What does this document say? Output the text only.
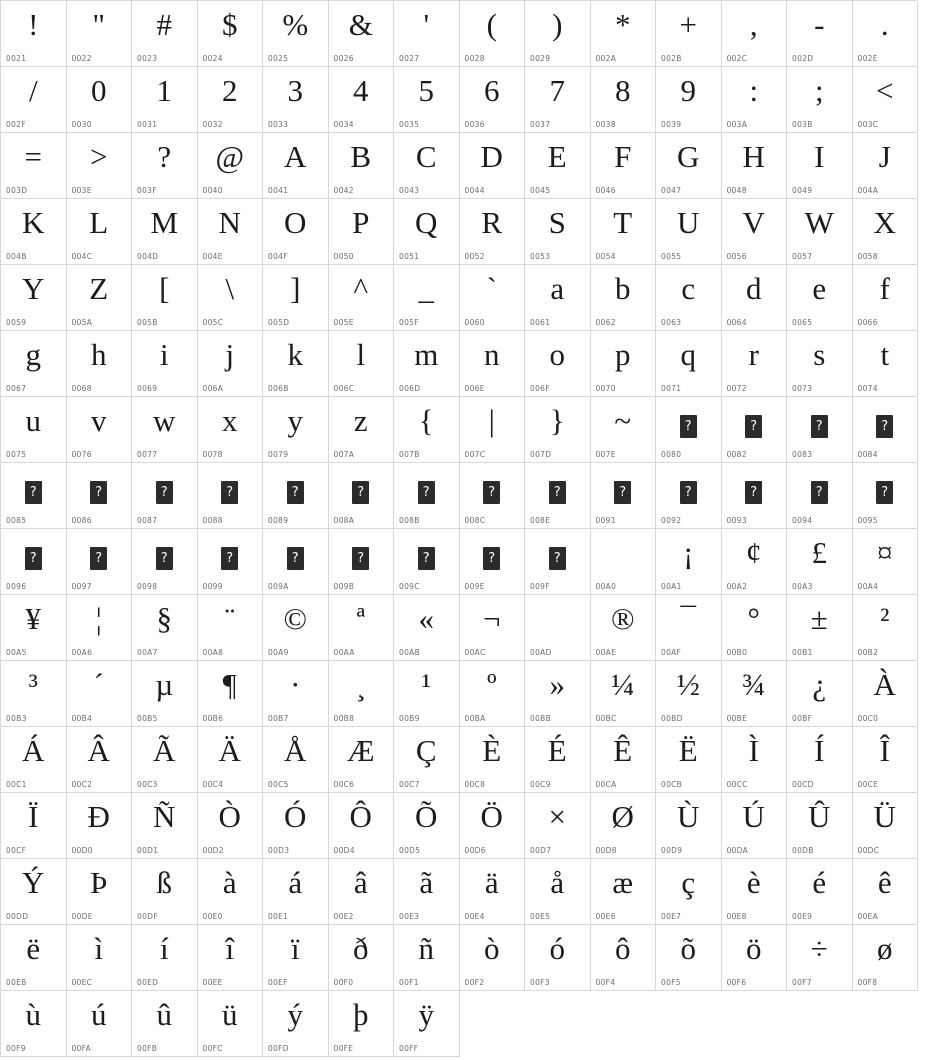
!
0021
"
0022
#
0023
$
0024
%
0025
&
0026
'
0027
(
0028
)
0029
*
002A
+
002B
,
002C
-
002D
.
002E
/
002F
0
0030
1
0031
2
0032
3
0033
4
0034
5
0035
6
0036
7
0037
8
0038
9
0039
:
003A
;
003B
<
003C
=
003D
>
003E
?
003F
@
0040
A
0041
B
0042
C
0043
D
0044
E
0045
F
0046
G
0047
H
0048
I
0049
J
004A
K
004B
L
004C
M
004D
N
004E
O
004F
P
0050
Q
0051
R
0052
S
0053
T
0054
U
0055
V
0056
W
0057
X
0058
Y
0059
Z
005A
[
005B
\
005C
]
005D
^
005E
_
005F
`
0060
a
0061
b
0062
c
0063
d
0064
e
0065
f
0066
g
0067
h
0068
i
0069
j
006A
k
006B
l
006C
m
006D
n
006E
o
006F
p
0070
q
0071
r
0072
s
0073
t
0074
u
0075
v
0076
w
0077
x
0078
y
0079
z
007A
{
007B
|
007C
}
007D
~
007E
?
0080
?
0082
?
0083
?
0084
?
0085
?
0086
?
0087
?
0088
?
0089
?
008A
?
008B
?
008C
?
008E
?
0091
?
0092
?
0093
?
0094
?
0095
?
0096
?
0097
?
0098
?
0099
?
009A
?
009B
?
009C
?
009E
?
009F
	00A0
¡
00A1
¢
00A2
£
00A3
¤
00A4
¥
00A5
¦
00A6
§
00A7
¨
00A8
©
00A9
ª
00AA
«
00AB
¬
00AC	00AD
®
00AE
¯
00AF
°
00B0
±
00B1
²
00B2
³
00B3
´
00B4
µ
00B5
¶
00B6
·
00B7
¸
00B8
¹
00B9
º
00BA
»
00BB
¼
00BC
½
00BD
¾
00BE
¿
00BF
À
00C0
Á
00C1
Â
00C2
Ã
00C3
Ä
00C4
Å
00C5
Æ
00C6
Ç
00C7
È
00C8
É
00C9
Ê
00CA
Ë
00CB
Ì
00CC
Í
00CD
Î
00CE
Ï
00CF
Ð
00D0
Ñ
00D1
Ò
00D2
Ó
00D3
Ô
00D4
Õ
00D5
Ö
00D6
×
00D7
Ø
00D8
Ù
00D9
Ú
00DA
Û
00DB
Ü
00DC
Ý
00DD
Þ
00DE
ß
00DF
à
00E0
á
00E1
â
00E2
ã
00E3
ä
00E4
å
00E5
æ
00E6
ç
00E7
è
00E8
é
00E9
ê
00EA
ë
00EB
ì
00EC
í
00ED
î
00EE
ï
00EF
ð
00F0
ñ
00F1
ò
00F2
ó
00F3
ô
00F4
õ
00F5
ö
00F6
÷
00F7
ø
00F8
ù
00F9
ú
00FA
û
00FB
ü
00FC
ý
00FD
þ
00FE
ÿ
00FF
